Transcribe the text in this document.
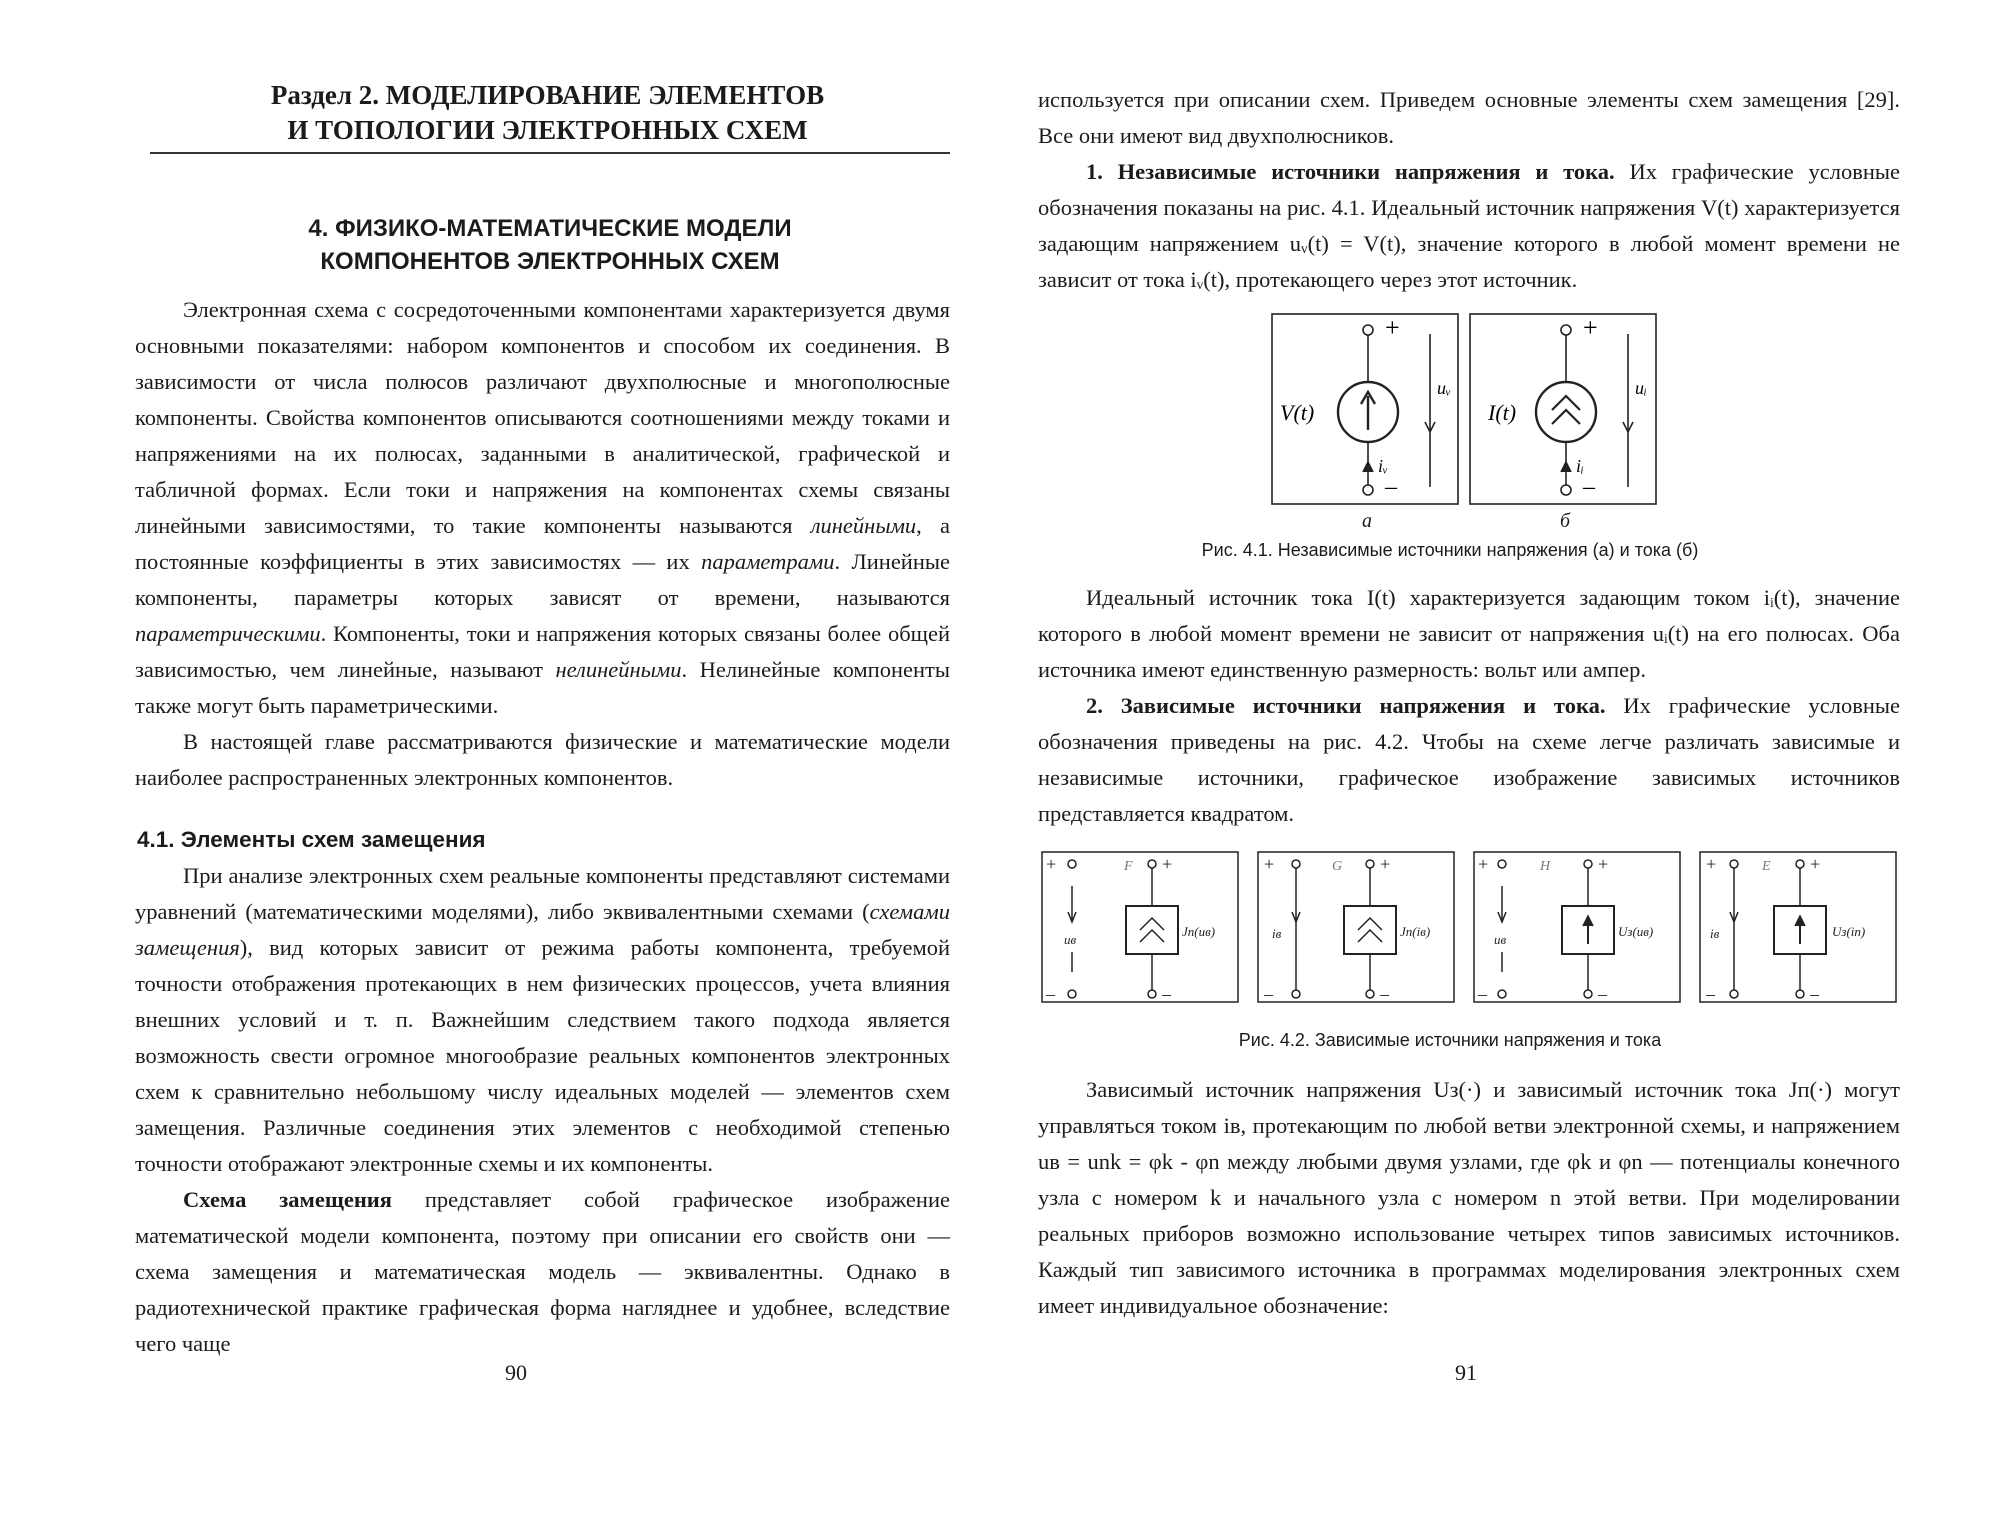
Раздел 2. МОДЕЛИРОВАНИЕ ЭЛЕМЕНТОВ
И ТОПОЛОГИИ ЭЛЕКТРОННЫХ СХЕМ
4. ФИЗИКО-МАТЕМАТИЧЕСКИЕ МОДЕЛИ
КОМПОНЕНТОВ ЭЛЕКТРОННЫХ СХЕМ

Электронная схема с сосредоточенными компонентами характеризуется двумя основными показателями: набором компонентов и способом их соединения. В зависимости от числа полюсов различают двухполюсные и многополюсные компоненты. Свойства компонентов описываются соотношениями между токами и напряжениями на их полюсах, заданными в аналитической, графической и табличной формах. Если токи и напряжения на компонентах схемы связаны линейными зависимостями, то такие компоненты называются линейными, а постоянные коэффициенты в этих зависимостях — их параметрами. Линейные компоненты, параметры которых зависят от времени, называются параметрическими. Компоненты, токи и напряжения которых связаны более общей зависимостью, чем линейные, называют нелинейными. Нелинейные компоненты также могут быть параметрическими.

В настоящей главе рассматриваются физические и математические модели наиболее распространенных электронных компонентов.

4.1. Элементы схем замещения

При анализе электронных схем реальные компоненты представляют системами уравнений (математическими моделями), либо эквивалентными схемами (схемами замещения), вид которых зависит от режима работы компонента, требуемой точности отображения протекающих в нем физических процессов, учета влияния внешних условий и т. п. Важнейшим следствием такого подхода является возможность свести огромное многообразие реальных компонентов электронных схем к сравнительно небольшому числу идеальных моделей — элементов схем замещения. Различные соединения этих элементов с необходимой степенью точности отображают электронные схемы и их компоненты.

Схема замещения представляет собой графическое изображение математической модели компонента, поэтому при описании его свойств они — схема замещения и математическая модель — эквивалентны. Однако в радиотехнической практике графическая форма нагляднее и удобнее, вследствие чего чаще

90

используется при описании схем. Приведем основные элементы схем замещения [29]. Все они имеют вид двухполюсников.

1. Независимые источники напряжения и тока. Их графические условные обозначения показаны на рис. 4.1. Идеальный источник напряжения V(t) характеризуется задающим напряжением uᵥ(t) = V(t), значение которого в любой момент времени не зависит от тока iᵥ(t), протекающего через этот источник.

+
–
V(t)
uᵥ
iᵥ
+
–
I(t)
uᵢ
iᵢ
а	б
Рис. 4.1. Независимые источники напряжения (а) и тока (б)

Идеальный источник тока I(t) характеризуется задающим током iᵢ(t), значение которого в любой момент времени не зависит от напряжения uᵢ(t) на его полюсах. Оба источника имеют единственную размерность: вольт или ампер.

2. Зависимые источники напряжения и тока. Их графические условные обозначения приведены на рис. 4.2. Чтобы на схеме легче различать зависимые и независимые источники, графическое изображение зависимых источников представляется квадратом.

+
–
+
–
F
uв
Jп(uв)
+
–
+
–
G
iв	Jп(iв)
+
–
+
–
H
uв
Uз(uв)
+
–
+
–
E
iв	Uз(iп)
Рис. 4.2. Зависимые источники напряжения и тока

Зависимый источник напряжения Uз(·) и зависимый источник тока Jп(·) могут управляться током iв, протекающим по любой ветви электронной схемы, и напряжением uв = unk = φk - φn между любыми двумя узлами, где φk и φn — потенциалы конечного узла с номером k и начального узла с номером n этой ветви. При моделировании реальных приборов возможно использование четырех типов зависимых источников. Каждый тип зависимого источника в программах моделирования электронных схем имеет индивидуальное обозначение:

91
